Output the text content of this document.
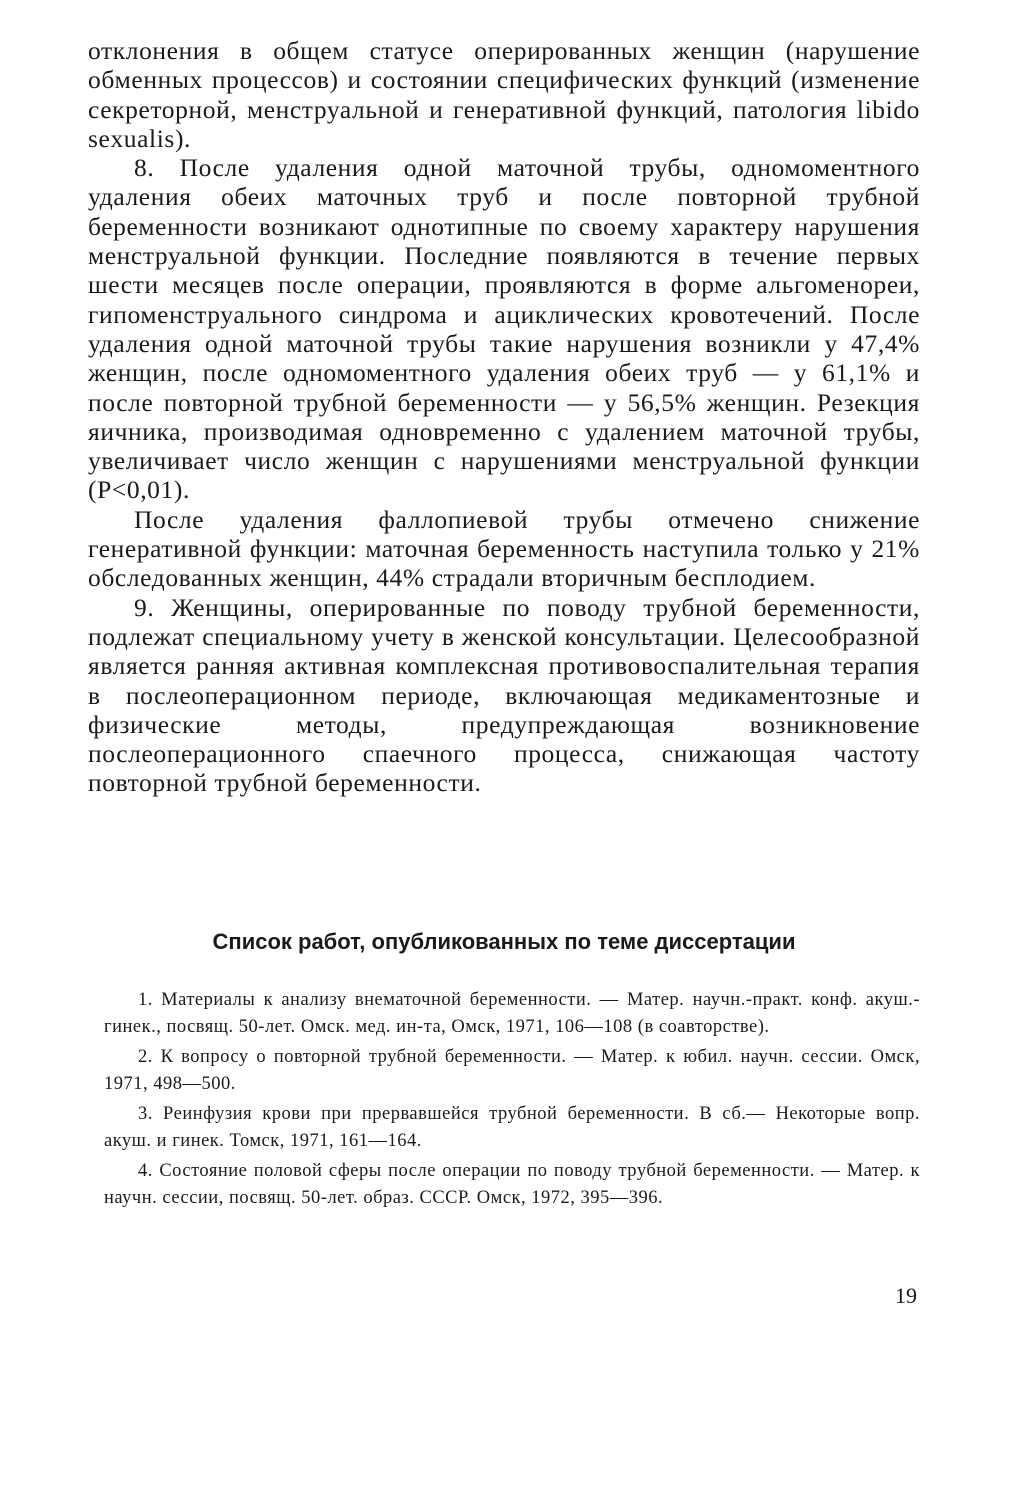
отклонения в общем статусе оперированных женщин (нарушение обменных процессов) и состоянии специфических функций (изменение секреторной, менструальной и генеративной функций, патология libido sexualis).

8. После удаления одной маточной трубы, одномоментного удаления обеих маточных труб и после повторной трубной беременности возникают однотипные по своему характеру нарушения менструальной функции. Последние появляются в течение первых шести месяцев после операции, проявляются в форме альгоменореи, гипоменструального синдрома и ациклических кровотечений. После удаления одной маточной трубы такие нарушения возникли у 47,4% женщин, после одномоментного удаления обеих труб — у 61,1% и после повторной трубной беременности — у 56,5% женщин. Резекция яичника, производимая одновременно с удалением маточной трубы, увеличивает число женщин с нарушениями менструальной функции (Р<0,01).

После удаления фаллопиевой трубы отмечено снижение генеративной функции: маточная беременность наступила только у 21% обследованных женщин, 44% страдали вторичным бесплодием.

9. Женщины, оперированные по поводу трубной беременности, подлежат специальному учету в женской консультации. Целесообразной является ранняя активная комплексная противовоспалительная терапия в послеоперационном периоде, включающая медикаментозные и физические методы, предупреждающая возникновение послеоперационного спаечного процесса, снижающая частоту повторной трубной беременности.

Список работ, опубликованных по теме диссертации

1. Материалы к анализу внематочной беременности. — Матер. научн.-практ. конф. акуш.-гинек., посвящ. 50-лет. Омск. мед. ин-та, Омск, 1971, 106—108 (в соавторстве).

2. К вопросу о повторной трубной беременности. — Матер. к юбил. научн. сессии. Омск, 1971, 498—500.

3. Реинфузия крови при прервавшейся трубной беременности. В сб.— Некоторые вопр. акуш. и гинек. Томск, 1971, 161—164.

4. Состояние половой сферы после операции по поводу трубной беременности. — Матер. к научн. сессии, посвящ. 50-лет. образ. СССР. Омск, 1972, 395—396.

19
